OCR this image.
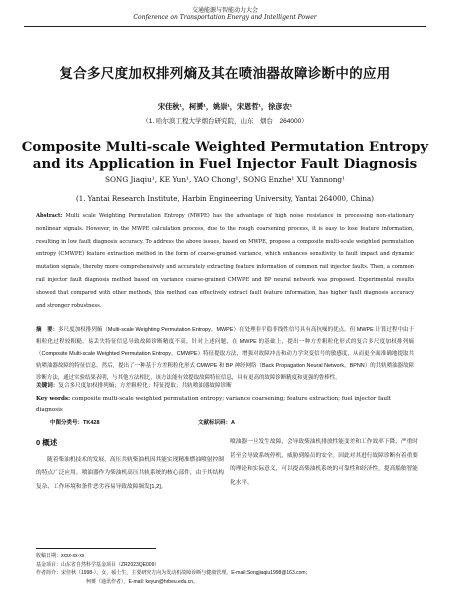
交通能源与智能动力大会
Conference on Transportation Energy and Intelligent Power
复合多尺度加权排列熵及其在喷油器故障诊断中的应用
宋佳秋¹，柯赟¹，姚崇¹，宋恩哲¹，徐彦农¹
（1. 哈尔滨工程大学烟台研究院，山东　烟台　264000）
Composite Multi-scale Weighted Permutation Entropy
and its Application in Fuel Injector Fault Diagnosis
SONG Jiaqiu¹, KE Yun¹, YAO Chong¹, SONG Enzhe¹ XU Yannong¹
(1. Yantai Research Institute, Harbin Engineering University, Yantai 264000, China)
Abstract: Multi scale Weighting Permutation Entropy (MWPE) has the advantage of high noise resistance in processing non-stationary nonlinear signals. However, in the MWPE calculation process, due to the rough coarsening process, it is easy to lose feature information, resulting in low fault diagnosis accuracy. To address the above issues, based on MWPE, propose a composite multi-scale weighted permutation entropy (CMWPE) feature extraction method in the form of coarse-grained variance, which enhances sensitivity to fault impact and dynamic mutation signals, thereby more comprehensively and accurately extracting feature information of common rail injector faults. Then, a common rail injector fault diagnosis method based on variance coarse-grained CMWPE and BP neural network was proposed. Experimental results showed that compared with other methods, this method can effectively extract fault feature information, has higher fault diagnosis accuracy and stronger robustness.
摘　要：多尺度加权排列熵（Multi-scale Weighting Permutation Entropy，MWPE）在处理非平稳非线性信号具有高抗噪的优点，但 MWPE 计算过程中由于粗粒化过程较粗糙，易丢失特征信息导致故障诊断精度不高，针对上述问题，在 MWPE 的基础上，提出一种方差粗粒化形式的复合多尺度加权排列熵（Composite Multi-scale Weighted Permutation Entropy，CMWPE）特征提取方法，增强对故障冲击和动力学突变信号的敏感度，从而更全面准确地提取共轨喷油器故障的特征信息。然后，提出了一种基于方差粗粒化形式 CMWPE 和 BP 神经网络（Back Propagation Neural Network，BPNN）的共轨喷油器故障诊断方法，通过实验结果表明，与其他方法相比，该方法能有效提取故障特征信息，具有更高的故障诊断精度和更强的鲁棒性。
关键词：复合多尺度加权排列熵；方差粗粒化；特征提取；共轨喷油器故障诊断
Key words: composite multi-scale weighted permutation entropy; variance coarsening; feature extraction; fuel injector fault diagnosis
中图分类号：TK428	文献标识码：A
0 概述
随着柴油机技术的发展，高压共轨柴油机因其能实现精准燃油喷射控制的特点广泛应用。喷油器作为柴油机高压共轨系统的核心部件，由于其结构复杂、工作环境和条件恶劣容易导致故障频发[1,2]。
喷油器一旦发生故障，会导致柴油机排放性能变差和工作效率下降，严重时甚至会导致系统停机，威胁到船员的安全。因此对其进行故障诊断有着重要的理论和实际意义，可以提高柴油机系统的可靠性和经济性，提高船舶智能化水平。
收稿日期：xxxx-xx-xx
基金项目：山东省自然科学基金项目（ZR2023QE009）
作者简介：宋佳秋（1998-），女，硕士生，主要研究方向为发动机故障诊断与健康管理。E-mail:Songjiaqiu1998@163.com；
柯赟（通讯作者），E-mail: keyun@hrbeu.edu.cn。
